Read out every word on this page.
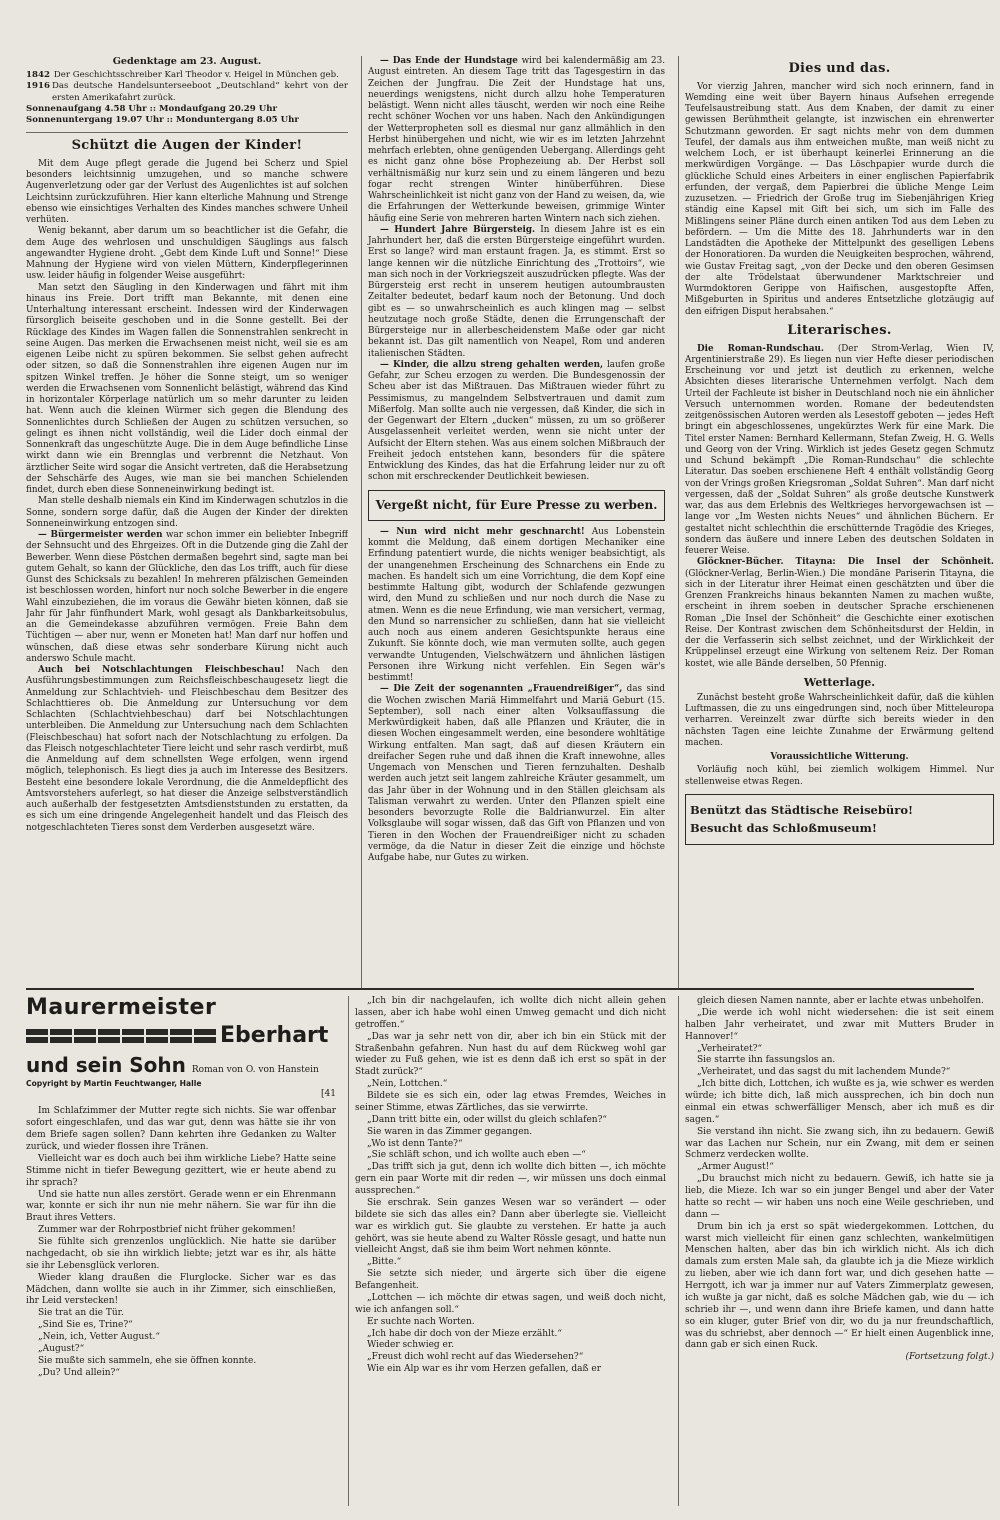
Gedenktage am 23. August.
1842 Der Geschichtsschreiber Karl Theodor v. Heigel in München geb.
1916 Das deutsche Handelsunterseeboot „Deutschland“ kehrt von der ersten Amerikafahrt zurück.
Sonnenaufgang 4.58 Uhr :: Mondaufgang 20.29 Uhr
Sonnenuntergang 19.07 Uhr :: Monduntergang 8.05 Uhr
Schützt die Augen der Kinder!

Mit dem Auge pflegt gerade die Jugend bei Scherz und Spiel besonders leichtsinnig umzugehen, und so manche schwere Augenverletzung oder gar der Verlust des Augenlichtes ist auf solchen Leichtsinn zurückzuführen. Hier kann elterliche Mahnung und Strenge ebenso wie einsichtiges Verhalten des Kindes manches schwere Unheil verhüten.

Wenig bekannt, aber darum um so beachtlicher ist die Gefahr, die dem Auge des wehrlosen und unschuldigen Säuglings aus falsch angewandter Hygiene droht. „Gebt dem Kinde Luft und Sonne!“ Diese Mahnung der Hygiene wird von vielen Müttern, Kinderpflegerinnen usw. leider häufig in folgender Weise ausgeführt:

Man setzt den Säugling in den Kinderwagen und fährt mit ihm hinaus ins Freie. Dort trifft man Bekannte, mit denen eine Unterhaltung interessant erscheint. Indessen wird der Kinderwagen fürsorglich beiseite geschoben und in die Sonne gestellt. Bei der Rücklage des Kindes im Wagen fallen die Sonnenstrahlen senkrecht in seine Augen. Das merken die Erwachsenen meist nicht, weil sie es am eigenen Leibe nicht zu spüren bekommen. Sie selbst gehen aufrecht oder sitzen, so daß die Sonnenstrahlen ihre eigenen Augen nur im spitzen Winkel treffen. Je höher die Sonne steigt, um so weniger werden die Erwachsenen vom Sonnenlicht belästigt, während das Kind in horizontaler Körperlage natürlich um so mehr darunter zu leiden hat. Wenn auch die kleinen Würmer sich gegen die Blendung des Sonnenlichtes durch Schließen der Augen zu schützen versuchen, so gelingt es ihnen nicht vollständig, weil die Lider doch einmal der Sonnenkraft das ungeschützte Auge. Die in dem Auge befindliche Linse wirkt dann wie ein Brennglas und verbrennt die Netzhaut. Von ärztlicher Seite wird sogar die Ansicht vertreten, daß die Herabsetzung der Sehschärfe des Auges, wie man sie bei manchen Schielenden findet, durch eben diese Sonneneinwirkung bedingt ist.

Man stelle deshalb niemals ein Kind im Kinderwagen schutzlos in die Sonne, sondern sorge dafür, daß die Augen der Kinder der direkten Sonneneinwirkung entzogen sind.

— Bürgermeister werden war schon immer ein beliebter Inbegriff der Sehnsucht und des Ehrgeizes. Oft in die Dutzende ging die Zahl der Bewerber. Wenn diese Pöstchen dermaßen begehrt sind, sagte man bei gutem Gehalt, so kann der Glückliche, den das Los trifft, auch für diese Gunst des Schicksals zu bezahlen! In mehreren pfälzischen Gemeinden ist beschlossen worden, hinfort nur noch solche Bewerber in die engere Wahl einzubeziehen, die im voraus die Gewähr bieten können, daß sie Jahr für Jahr fünfhundert Mark, wohl gesagt als Dankbarkeitsobulus, an die Gemeindekasse abzuführen vermögen. Freie Bahn dem Tüchtigen — aber nur, wenn er Moneten hat! Man darf nur hoffen und wünschen, daß diese etwas sehr sonderbare Kürung nicht auch anderswo Schule macht.

Auch bei Notschlachtungen Fleischbeschau! Nach den Ausführungsbestimmungen zum Reichsfleischbeschaugesetz liegt die Anmeldung zur Schlachtvieh- und Fleischbeschau dem Besitzer des Schlachttieres ob. Die Anmeldung zur Untersuchung vor dem Schlachten (Schlachtviehbeschau) darf bei Notschlachtungen unterbleiben. Die Anmeldung zur Untersuchung nach dem Schlachten (Fleischbeschau) hat sofort nach der Notschlachtung zu erfolgen. Da das Fleisch notgeschlachteter Tiere leicht und sehr rasch verdirbt, muß die Anmeldung auf dem schnellsten Wege erfolgen, wenn irgend möglich, telephonisch. Es liegt dies ja auch im Interesse des Besitzers. Besteht eine besondere lokale Verordnung, die die Anmeldepflicht des Amtsvorstehers auferlegt, so hat dieser die Anzeige selbstverständlich auch außerhalb der festgesetzten Amtsdienststunden zu erstatten, da es sich um eine dringende Angelegenheit handelt und das Fleisch des notgeschlachteten Tieres sonst dem Verderben ausgesetzt wäre.

— Das Ende der Hundstage wird bei kalendermäßig am 23. August eintreten. An diesem Tage tritt das Tagesgestirn in das Zeichen der Jungfrau. Die Zeit der Hundstage hat uns, neuerdings wenigstens, nicht durch allzu hohe Temperaturen belästigt. Wenn nicht alles täuscht, werden wir noch eine Reihe recht schöner Wochen vor uns haben. Nach den Ankündigungen der Wetterpropheten soll es diesmal nur ganz allmählich in den Herbst hinübergehen und nicht, wie wir es im letzten Jahrzehnt mehrfach erlebten, ohne genügenden Uebergang. Allerdings geht es nicht ganz ohne böse Prophezeiung ab. Der Herbst soll verhältnismäßig nur kurz sein und zu einem längeren und bezu fogar recht strengen Winter hinüberführen. Diese Wahrscheinlichkeit ist nicht ganz von der Hand zu weisen, da, wie die Erfahrungen der Wetterkunde beweisen, grimmige Winter häufig eine Serie von mehreren harten Wintern nach sich ziehen.

— Hundert Jahre Bürgersteig. In diesem Jahre ist es ein Jahrhundert her, daß die ersten Bürgersteige eingeführt wurden. Erst so lange? wird man erstaunt fragen. Ja, es stimmt. Erst so lange kennen wir die nützliche Einrichtung des „Trottoirs“, wie man sich noch in der Vorkriegszeit auszudrücken pflegte. Was der Bürgersteig erst recht in unserem heutigen autoumbrausten Zeitalter bedeutet, bedarf kaum noch der Betonung. Und doch gibt es — so unwahrscheinlich es auch klingen mag — selbst heutzutage noch große Städte, denen die Errungenschaft der Bürgersteige nur in allerbescheidenstem Maße oder gar nicht bekannt ist. Das gilt namentlich von Neapel, Rom und anderen italienischen Städten.

— Kinder, die allzu streng gehalten werden, laufen große Gefahr, zur Scheu erzogen zu werden. Die Bundesgenossin der Scheu aber ist das Mißtrauen. Das Mißtrauen wieder führt zu Pessimismus, zu mangelndem Selbstvertrauen und damit zum Mißerfolg. Man sollte auch nie vergessen, daß Kinder, die sich in der Gegenwart der Eltern „ducken“ müssen, zu um so größerer Ausgelassenheit verleitet werden, wenn sie nicht unter der Aufsicht der Eltern stehen. Was aus einem solchen Mißbrauch der Freiheit jedoch entstehen kann, besonders für die spätere Entwicklung des Kindes, das hat die Erfahrung leider nur zu oft schon mit erschreckender Deutlichkeit bewiesen.

Vergeßt nicht, für Eure Presse zu werben.

— Nun wird nicht mehr geschnarcht! Aus Lobenstein kommt die Meldung, daß einem dortigen Mechaniker eine Erfindung patentiert wurde, die nichts weniger beabsichtigt, als der unangenehmen Erscheinung des Schnarchens ein Ende zu machen. Es handelt sich um eine Vorrichtung, die dem Kopf eine bestimmte Haltung gibt, wodurch der Schlafende gezwungen wird, den Mund zu schließen und nur noch durch die Nase zu atmen. Wenn es die neue Erfindung, wie man versichert, vermag, den Mund so narrensicher zu schließen, dann hat sie vielleicht auch noch aus einem anderen Gesichtspunkte heraus eine Zukunft. Sie könnte doch, wie man vermuten sollte, auch gegen verwandte Untugenden, Vielschwätzern und ähnlichen lästigen Personen ihre Wirkung nicht verfehlen. Ein Segen wär's bestimmt!

— Die Zeit der sogenannten „Frauendreißiger“, das sind die Wochen zwischen Mariä Himmelfahrt und Mariä Geburt (15. September), soll nach einer alten Volksauffassung die Merkwürdigkeit haben, daß alle Pflanzen und Kräuter, die in diesen Wochen eingesammelt werden, eine besondere wohltätige Wirkung entfalten. Man sagt, daß auf diesen Kräutern ein dreifacher Segen ruhe und daß ihnen die Kraft innewohne, alles Ungemach von Menschen und Tieren fernzuhalten. Deshalb werden auch jetzt seit langem zahlreiche Kräuter gesammelt, um das Jahr über in der Wohnung und in den Ställen gleichsam als Talisman verwahrt zu werden. Unter den Pflanzen spielt eine besonders bevorzugte Rolle die Baldrianwurzel. Ein alter Volksglaube will sogar wissen, daß das Gift von Pflanzen und von Tieren in den Wochen der Frauendreißiger nicht zu schaden vermöge, da die Natur in dieser Zeit die einzige und höchste Aufgabe habe, nur Gutes zu wirken.

Dies und das.

Vor vierzig Jahren, mancher wird sich noch erinnern, fand in Wemding eine weit über Bayern hinaus Aufsehen erregende Teufelsaustreibung statt. Aus dem Knaben, der damit zu einer gewissen Berühmtheit gelangte, ist inzwischen ein ehrenwerter Schutzmann geworden. Er sagt nichts mehr von dem dummen Teufel, der damals aus ihm entweichen mußte, man weiß nicht zu welchem Loch, er ist überhaupt keinerlei Erinnerung an die merkwürdigen Vorgänge. — Das Löschpapier wurde durch die glückliche Schuld eines Arbeiters in einer englischen Papierfabrik erfunden, der vergaß, dem Papierbrei die übliche Menge Leim zuzusetzen. — Friedrich der Große trug im Siebenjährigen Krieg ständig eine Kapsel mit Gift bei sich, um sich im Falle des Mißlingens seiner Pläne durch einen antiken Tod aus dem Leben zu befördern. — Um die Mitte des 18. Jahrhunderts war in den Landstädten die Apotheke der Mittelpunkt des geselligen Lebens der Honoratioren. Da wurden die Neuigkeiten besprochen, während, wie Gustav Freitag sagt, „von der Decke und den oberen Gesimsen der alte Trödelstaat überwundener Marktschreier und Wurmdoktoren Gerippe von Haifischen, ausgestopfte Affen, Mißgeburten in Spiritus und anderes Entsetzliche glotzäugig auf den eifrigen Disput herabsahen.“

Literarisches.

Die Roman-Rundschau. (Der Strom-Verlag, Wien IV, Argentinierstraße 29). Es liegen nun vier Hefte dieser periodischen Erscheinung vor und jetzt ist deutlich zu erkennen, welche Absichten dieses literarische Unternehmen verfolgt. Nach dem Urteil der Fachleute ist bisher in Deutschland noch nie ein ähnlicher Versuch unternommen worden. Romane der bedeutendsten zeitgenössischen Autoren werden als Lesestoff geboten — jedes Heft bringt ein abgeschlossenes, ungekürztes Werk für eine Mark. Die Titel erster Namen: Bernhard Kellermann, Stefan Zweig, H. G. Wells und Georg von der Vring. Wirklich ist jedes Gesetz gegen Schmutz und Schund bekämpft „Die Roman-Rundschau“ die schlechte Literatur. Das soeben erschienene Heft 4 enthält vollständig Georg von der Vrings großen Kriegsroman „Soldat Suhren“. Man darf nicht vergessen, daß der „Soldat Suhren“ als große deutsche Kunstwerk war, das aus dem Erlebnis des Weltkrieges hervorgewachsen ist — lange vor „Im Westen nichts Neues“ und ähnlichen Büchern. Er gestaltet nicht schlechthin die erschütternde Tragödie des Krieges, sondern das äußere und innere Leben des deutschen Soldaten in feuerer Weise.

Glöckner-Bücher. Titayna: Die Insel der Schönheit. (Glöckner-Verlag, Berlin-Wien.) Die mondäne Pariserin Titayna, die sich in der Literatur ihrer Heimat einen geschätzten und über die Grenzen Frankreichs hinaus bekannten Namen zu machen wußte, erscheint in ihrem soeben in deutscher Sprache erschienenen Roman „Die Insel der Schönheit“ die Geschichte einer exotischen Reise. Der Kontrast zwischen dem Schönheitsdurst der Heldin, in der die Verfasserin sich selbst zeichnet, und der Wirklichkeit der Krüppelinsel erzeugt eine Wirkung von seltenem Reiz. Der Roman kostet, wie alle Bände derselben, 50 Pfennig.

Wetterlage.

Zunächst besteht große Wahrscheinlichkeit dafür, daß die kühlen Luftmassen, die zu uns eingedrungen sind, noch über Mitteleuropa verharren. Vereinzelt zwar dürfte sich bereits wieder in den nächsten Tagen eine leichte Zunahme der Erwärmung geltend machen.

Voraussichtliche Witterung.

Vorläufig noch kühl, bei ziemlich wolkigem Himmel. Nur stellenweise etwas Regen.

Benützt das Städtische Reisebüro!
Besucht das Schloßmuseum!
Maurermeister
Eberhart
und sein Sohn Roman von O. von Hanstein
Copyright by Martin Feuchtwanger, Halle
[41

Im Schlafzimmer der Mutter regte sich nichts. Sie war offenbar sofort eingeschlafen, und das war gut, denn was hätte sie ihr von dem Briefe sagen sollen? Dann kehrten ihre Gedanken zu Walter zurück, und wieder flossen ihre Tränen.

Vielleicht war es doch auch bei ihm wirkliche Liebe? Hatte seine Stimme nicht in tiefer Bewegung gezittert, wie er heute abend zu ihr sprach?

Und sie hatte nun alles zerstört. Gerade wenn er ein Ehrenmann war, konnte er sich ihr nun nie mehr nähern. Sie war für ihn die Braut ihres Vetters.

Zummer war der Rohrpostbrief nicht früher gekommen!

Sie fühlte sich grenzenlos unglücklich. Nie hatte sie darüber nachgedacht, ob sie ihn wirklich liebte; jetzt war es ihr, als hätte sie ihr Lebensglück verloren.

Wieder klang draußen die Flurglocke. Sicher war es das Mädchen, dann wollte sie auch in ihr Zimmer, sich einschließen, ihr Leid verstecken!

Sie trat an die Tür.

„Sind Sie es, Trine?“

„Nein, ich, Vetter August.“

„August?“

Sie mußte sich sammeln, ehe sie öffnen konnte.

„Du? Und allein?“

„Ich bin dir nachgelaufen, ich wollte dich nicht allein gehen lassen, aber ich habe wohl einen Umweg gemacht und dich nicht getroffen.“

„Das war ja sehr nett von dir, aber ich bin ein Stück mit der Straßenbahn gefahren. Nun hast du auf dem Rückweg wohl gar wieder zu Fuß gehen, wie ist es denn daß ich erst so spät in der Stadt zurück?“

„Nein, Lottchen.“

Bildete sie es sich ein, oder lag etwas Fremdes, Weiches in seiner Stimme, etwas Zärtliches, das sie verwirrte.

„Dann tritt bitte ein, oder willst du gleich schlafen?“

Sie waren in das Zimmer gegangen.

„Wo ist denn Tante?“

„Sie schläft schon, und ich wollte auch eben —“

„Das trifft sich ja gut, denn ich wollte dich bitten —, ich möchte gern ein paar Worte mit dir reden —, wir müssen uns doch einmal aussprechen.“

Sie erschrak. Sein ganzes Wesen war so verändert — oder bildete sie sich das alles ein? Dann aber überlegte sie. Vielleicht war es wirklich gut. Sie glaubte zu verstehen. Er hatte ja auch gehört, was sie heute abend zu Walter Rössle gesagt, und hatte nun vielleicht Angst, daß sie ihm beim Wort nehmen könnte.

„Bitte.“

Sie setzte sich nieder, und ärgerte sich über die eigene Befangenheit.

„Lottchen — ich möchte dir etwas sagen, und weiß doch nicht, wie ich anfangen soll.“

Er suchte nach Worten.

„Ich habe dir doch von der Mieze erzählt.“

Wieder schwieg er.

„Freust dich wohl recht auf das Wiedersehen?“

Wie ein Alp war es ihr vom Herzen gefallen, daß er

gleich diesen Namen nannte, aber er lachte etwas unbeholfen.

„Die werde ich wohl nicht wiedersehen: die ist seit einem halben Jahr verheiratet, und zwar mit Mutters Bruder in Hannover!“

„Verheiratet?“

Sie starrte ihn fassungslos an.

„Verheiratet, und das sagst du mit lachendem Munde?“

„Ich bitte dich, Lottchen, ich wußte es ja, wie schwer es werden würde; ich bitte dich, laß mich aussprechen, ich bin doch nun einmal ein etwas schwerfälliger Mensch, aber ich muß es dir sagen.“

Sie verstand ihn nicht. Sie zwang sich, ihn zu bedauern. Gewiß war das Lachen nur Schein, nur ein Zwang, mit dem er seinen Schmerz verdecken wollte.

„Armer August!“

„Du brauchst mich nicht zu bedauern. Gewiß, ich hatte sie ja lieb, die Mieze. Ich war so ein junger Bengel und aber der Vater hatte so recht — wir haben uns noch eine Weile geschrieben, und dann —

Drum bin ich ja erst so spät wiedergekommen. Lottchen, du warst mich vielleicht für einen ganz schlechten, wankelmütigen Menschen halten, aber das bin ich wirklich nicht. Als ich dich damals zum ersten Male sah, da glaubte ich ja die Mieze wirklich zu lieben, aber wie ich dann fort war, und dich gesehen hatte — Herrgott, ich war ja immer nur auf Vaters Zimmerplatz gewesen, ich wußte ja gar nicht, daß es solche Mädchen gab, wie du — ich schrieb ihr —, und wenn dann ihre Briefe kamen, und dann hatte so ein kluger, guter Brief von dir, wo du ja nur freundschaftlich, was du schriebst, aber dennoch —“ Er hielt einen Augenblick inne, dann gab er sich einen Ruck.

(Fortsetzung folgt.)
